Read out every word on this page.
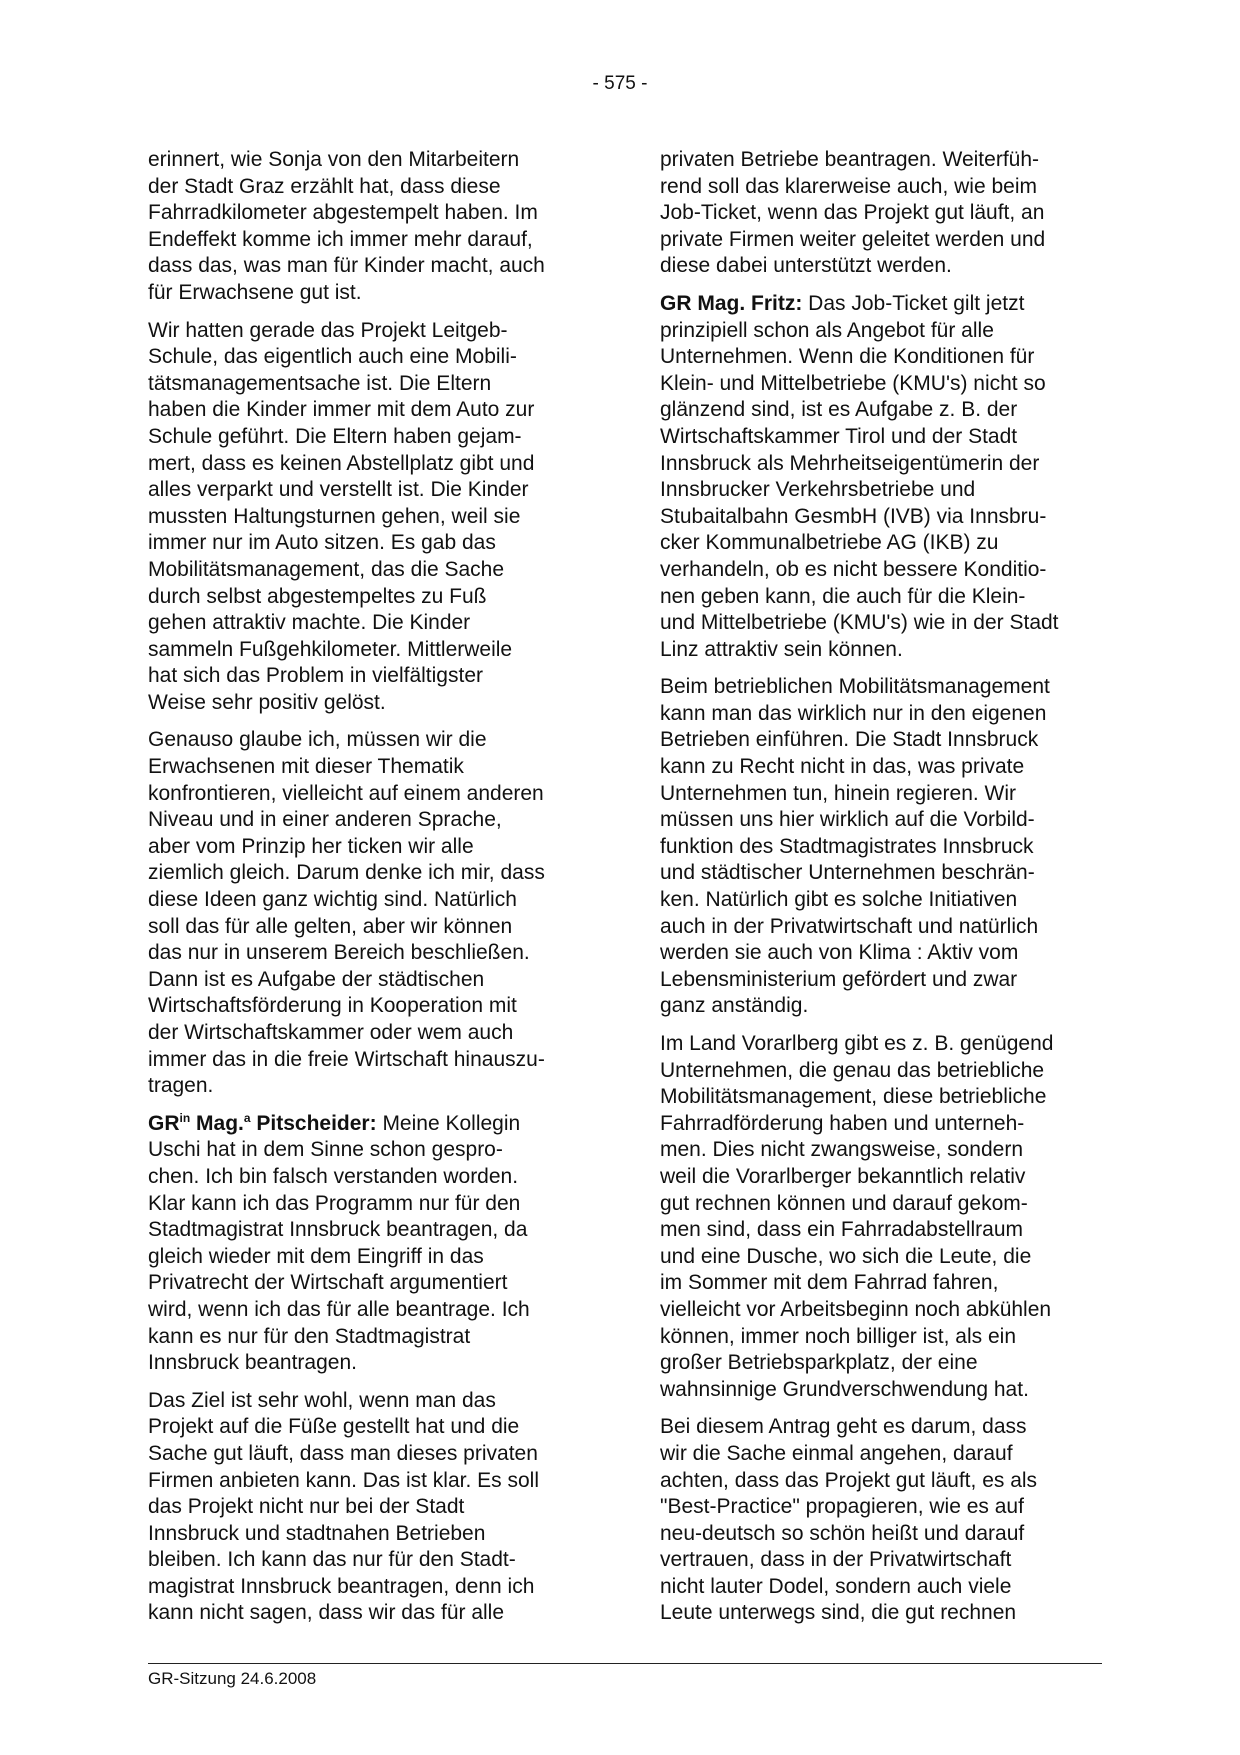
- 575 -

erinnert, wie Sonja von den Mitarbeitern
der Stadt Graz erzählt hat, dass diese
Fahrradkilometer abgestempelt haben. Im
Endeffekt komme ich immer mehr darauf,
dass das, was man für Kinder macht, auch
für Erwachsene gut ist.

Wir hatten gerade das Projekt Leitgeb-
Schule, das eigentlich auch eine Mobili-
tätsmanagementsache ist. Die Eltern
haben die Kinder immer mit dem Auto zur
Schule geführt. Die Eltern haben gejam-
mert, dass es keinen Abstellplatz gibt und
alles verparkt und verstellt ist. Die Kinder
mussten Haltungsturnen gehen, weil sie
immer nur im Auto sitzen. Es gab das
Mobilitätsmanagement, das die Sache
durch selbst abgestempeltes zu Fuß
gehen attraktiv machte. Die Kinder
sammeln Fußgehkilometer. Mittlerweile
hat sich das Problem in vielfältigster
Weise sehr positiv gelöst.

Genauso glaube ich, müssen wir die
Erwachsenen mit dieser Thematik
konfrontieren, vielleicht auf einem anderen
Niveau und in einer anderen Sprache,
aber vom Prinzip her ticken wir alle
ziemlich gleich. Darum denke ich mir, dass
diese Ideen ganz wichtig sind. Natürlich
soll das für alle gelten, aber wir können
das nur in unserem Bereich beschließen.
Dann ist es Aufgabe der städtischen
Wirtschaftsförderung in Kooperation mit
der Wirtschaftskammer oder wem auch
immer das in die freie Wirtschaft hinauszu-
tragen.

$GR^{in}$ Mag.$^a$ Pitscheider: Meine Kollegin
Uschi hat in dem Sinne schon gespro-
chen. Ich bin falsch verstanden worden.
Klar kann ich das Programm nur für den
Stadtmagistrat Innsbruck beantragen, da
gleich wieder mit dem Eingriff in das
Privatrecht der Wirtschaft argumentiert
wird, wenn ich das für alle beantrage. Ich
kann es nur für den Stadtmagistrat
Innsbruck beantragen.

Das Ziel ist sehr wohl, wenn man das
Projekt auf die Füße gestellt hat und die
Sache gut läuft, dass man dieses privaten
Firmen anbieten kann. Das ist klar. Es soll
das Projekt nicht nur bei der Stadt
Innsbruck und stadtnahen Betrieben
bleiben. Ich kann das nur für den Stadt-
magistrat Innsbruck beantragen, denn ich
kann nicht sagen, dass wir das für alle

privaten Betriebe beantragen. Weiterfüh-
rend soll das klarerweise auch, wie beim
Job-Ticket, wenn das Projekt gut läuft, an
private Firmen weiter geleitet werden und
diese dabei unterstützt werden.

GR Mag. Fritz: Das Job-Ticket gilt jetzt
prinzipiell schon als Angebot für alle
Unternehmen. Wenn die Konditionen für
Klein- und Mittelbetriebe (KMU's) nicht so
glänzend sind, ist es Aufgabe z. B. der
Wirtschaftskammer Tirol und der Stadt
Innsbruck als Mehrheitseigentümerin der
Innsbrucker Verkehrsbetriebe und
Stubaitalbahn GesmbH (IVB) via Innsbru-
cker Kommunalbetriebe AG (IKB) zu
verhandeln, ob es nicht bessere Konditio-
nen geben kann, die auch für die Klein-
und Mittelbetriebe (KMU's) wie in der Stadt
Linz attraktiv sein können.

Beim betrieblichen Mobilitätsmanagement
kann man das wirklich nur in den eigenen
Betrieben einführen. Die Stadt Innsbruck
kann zu Recht nicht in das, was private
Unternehmen tun, hinein regieren. Wir
müssen uns hier wirklich auf die Vorbild-
funktion des Stadtmagistrates Innsbruck
und städtischer Unternehmen beschrän-
ken. Natürlich gibt es solche Initiativen
auch in der Privatwirtschaft und natürlich
werden sie auch von Klima : Aktiv vom
Lebensministerium gefördert und zwar
ganz anständig.

Im Land Vorarlberg gibt es z. B. genügend
Unternehmen, die genau das betriebliche
Mobilitätsmanagement, diese betriebliche
Fahrradförderung haben und unterneh-
men. Dies nicht zwangsweise, sondern
weil die Vorarlberger bekanntlich relativ
gut rechnen können und darauf gekom-
men sind, dass ein Fahrradabstellraum
und eine Dusche, wo sich die Leute, die
im Sommer mit dem Fahrrad fahren,
vielleicht vor Arbeitsbeginn noch abkühlen
können, immer noch billiger ist, als ein
großer Betriebsparkplatz, der eine
wahnsinnige Grundverschwendung hat.

Bei diesem Antrag geht es darum, dass
wir die Sache einmal angehen, darauf
achten, dass das Projekt gut läuft, es als
"Best-Practice" propagieren, wie es auf
neu-deutsch so schön heißt und darauf
vertrauen, dass in der Privatwirtschaft
nicht lauter Dodel, sondern auch viele
Leute unterwegs sind, die gut rechnen

GR-Sitzung 24.6.2008
